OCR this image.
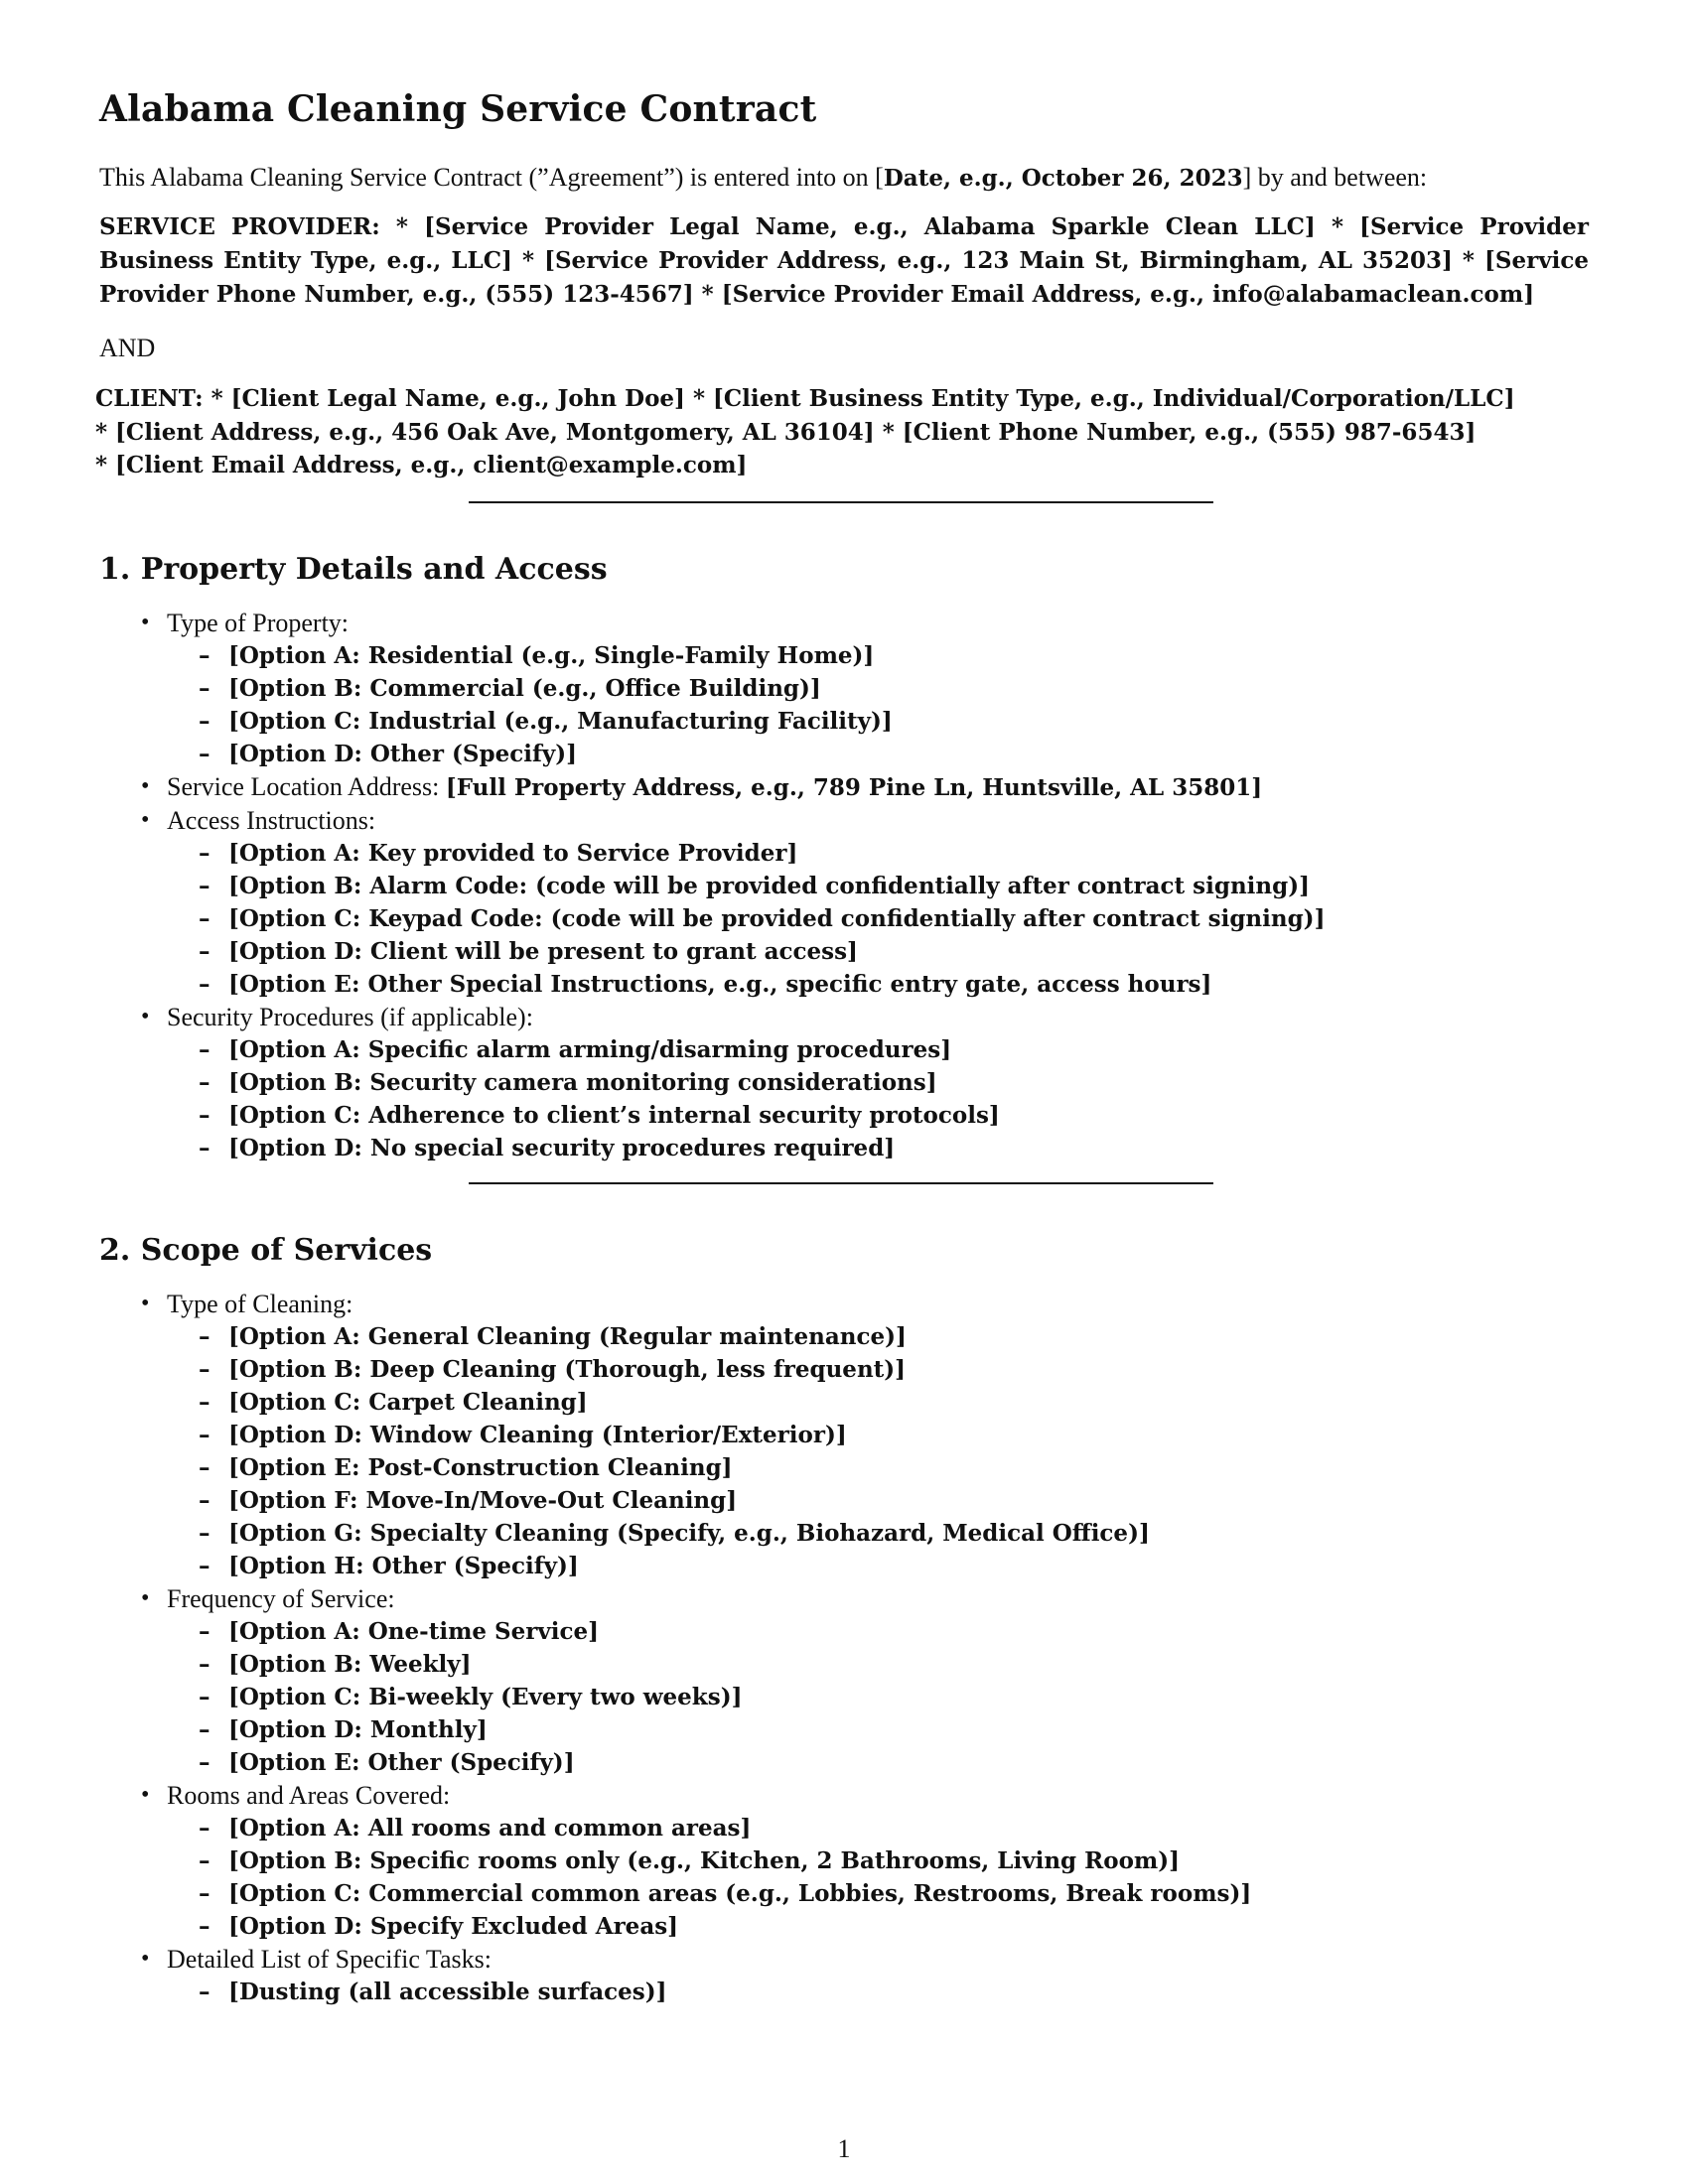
Alabama Cleaning Service Contract

This Alabama Cleaning Service Contract (”Agreement”) is entered into on [Date, e.g., October 26, 2023] by and between:

SERVICE PROVIDER: * [Service Provider Legal Name, e.g., Alabama Sparkle Clean LLC] * [Service Provider Business Entity Type, e.g., LLC] * [Service Provider Address, e.g., 123 Main St, Birmingham, AL 35203] * [Service Provider Phone Number, e.g., (555) 123-4567] * [Service Provider Email Address, e.g., info@alabamaclean.com]

AND

CLIENT: * [Client Legal Name, e.g., John Doe] * [Client Business Entity Type, e.g., Individual/Corporation/LLC]
* [Client Address, e.g., 456 Oak Ave, Montgomery, AL 36104] * [Client Phone Number, e.g., (555) 987-6543]
* [Client Email Address, e.g., client@example.com]
1. Property Details and Access
• Type of Property:
– [Option A: Residential (e.g., Single-Family Home)]
– [Option B: Commercial (e.g., Office Building)]
– [Option C: Industrial (e.g., Manufacturing Facility)]
– [Option D: Other (Specify)]
• Service Location Address: [Full Property Address, e.g., 789 Pine Ln, Huntsville, AL 35801]
• Access Instructions:
– [Option A: Key provided to Service Provider]
– [Option B: Alarm Code: (code will be provided confidentially after contract signing)]
– [Option C: Keypad Code: (code will be provided confidentially after contract signing)]
– [Option D: Client will be present to grant access]
– [Option E: Other Special Instructions, e.g., specific entry gate, access hours]
• Security Procedures (if applicable):
– [Option A: Specific alarm arming/disarming procedures]
– [Option B: Security camera monitoring considerations]
– [Option C: Adherence to client’s internal security protocols]
– [Option D: No special security procedures required]
2. Scope of Services
• Type of Cleaning:
– [Option A: General Cleaning (Regular maintenance)]
– [Option B: Deep Cleaning (Thorough, less frequent)]
– [Option C: Carpet Cleaning]
– [Option D: Window Cleaning (Interior/Exterior)]
– [Option E: Post-Construction Cleaning]
– [Option F: Move-In/Move-Out Cleaning]
– [Option G: Specialty Cleaning (Specify, e.g., Biohazard, Medical Office)]
– [Option H: Other (Specify)]
• Frequency of Service:
– [Option A: One-time Service]
– [Option B: Weekly]
– [Option C: Bi-weekly (Every two weeks)]
– [Option D: Monthly]
– [Option E: Other (Specify)]
• Rooms and Areas Covered:
– [Option A: All rooms and common areas]
– [Option B: Specific rooms only (e.g., Kitchen, 2 Bathrooms, Living Room)]
– [Option C: Commercial common areas (e.g., Lobbies, Restrooms, Break rooms)]
– [Option D: Specify Excluded Areas]
• Detailed List of Specific Tasks:
– [Dusting (all accessible surfaces)]
1
